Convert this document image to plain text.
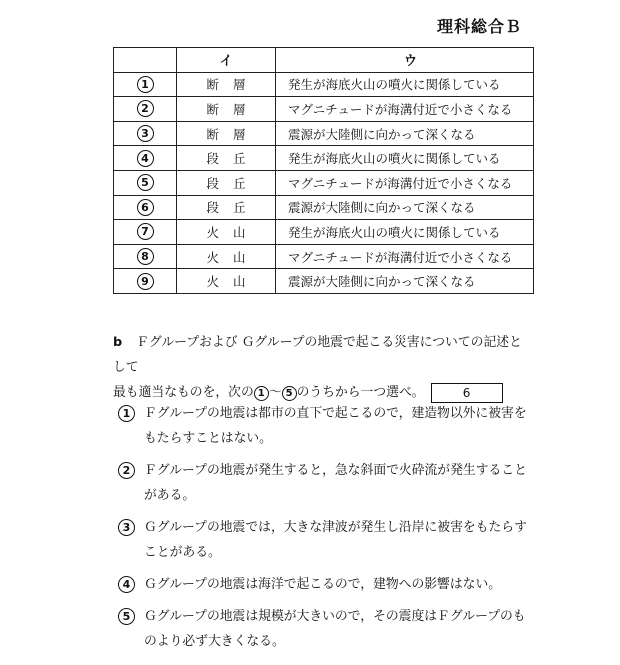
理科総合Ｂ
	イ	ウ
1	断層	発生が海底火山の噴火に関係している
2	断層	マグニチュードが海溝付近で小さくなる
3	断層	震源が大陸側に向かって深くなる
4	段丘	発生が海底火山の噴火に関係している
5	段丘	マグニチュードが海溝付近で小さくなる
6	段丘	震源が大陸側に向かって深くなる
7	火山	発生が海底火山の噴火に関係している
8	火山	マグニチュードが海溝付近で小さくなる
9	火山	震源が大陸側に向かって深くなる
b Ｆグループおよび Ｇグループの地震で起こる災害についての記述として
最も適当なものを，次の 1 ～ 5 のうちから一つ選べ。	6
1	Ｆグループの地震は都市の直下で起こるので，建造物以外に被害をもたらすことはない。
2	Ｆグループの地震が発生すると，急な斜面で火砕流が発生することがある。
3	Ｇグループの地震では，大きな津波が発生し沿岸に被害をもたらすことがある。
4	Ｇグループの地震は海洋で起こるので，建物への影響はない。
5	Ｇグループの地震は規模が大きいので，その震度はＦグループのものより必ず大きくなる。
